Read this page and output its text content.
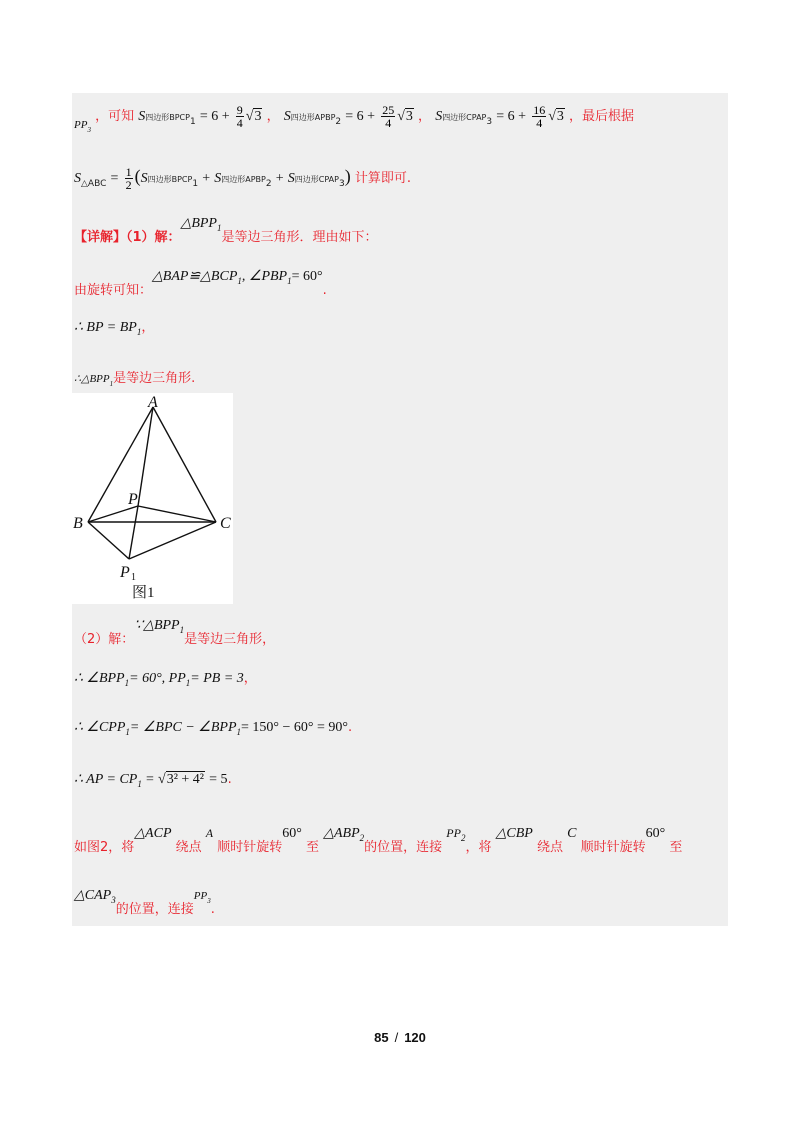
$_{PP3}$ ，可知 S四边形$BPCP_1 = 6 + \frac{9}{4} √3$ ， S四边形$APBP_2 = 6 + \frac{25}{4} √3$ ， S四边形$CPAP_3 = 6 + \frac{16}{4} √3$ ，最后根据
$S_{\triangle ABC} = \frac{1}{2} (S$四边形$BPCP_1 + S$四边形$APBP_2 + S$四边形$CPAP_3$) 计算即可.
【详解】（1）解：△BPP$^1$是等边三角形．理由如下：
由旋转可知：△BAP≌△BCP$^1$, $\angle PBP^1= 60^\circ$.
∴ BP = $BP_1$，
$\therefore\triangle BPP_1$是等边三角形.
A
B	C
P
P 1
图1
（2）解：∵△BPP$^1$是等边三角形，
∴ $\angle BPP_1= 60^\circ$, $PP_1=$ PB = 3，
∴ $\angle CPP_1=$ ∠BPC − $\angle BPP_1= 150^\circ - 60^\circ = 90^\circ$.
∴ AP = $CP_1 = √3^2 + 4^2 = 5$.
如图2，将△ACP 绕点 A 顺时针旋转60° 至 △ABP$^2$的位置，连接 $PP^2$，将 △CBP 绕点 C 顺时针旋转60° 至
△CAP$^3$的位置，连接$^{PP3}$.
85 / 120
